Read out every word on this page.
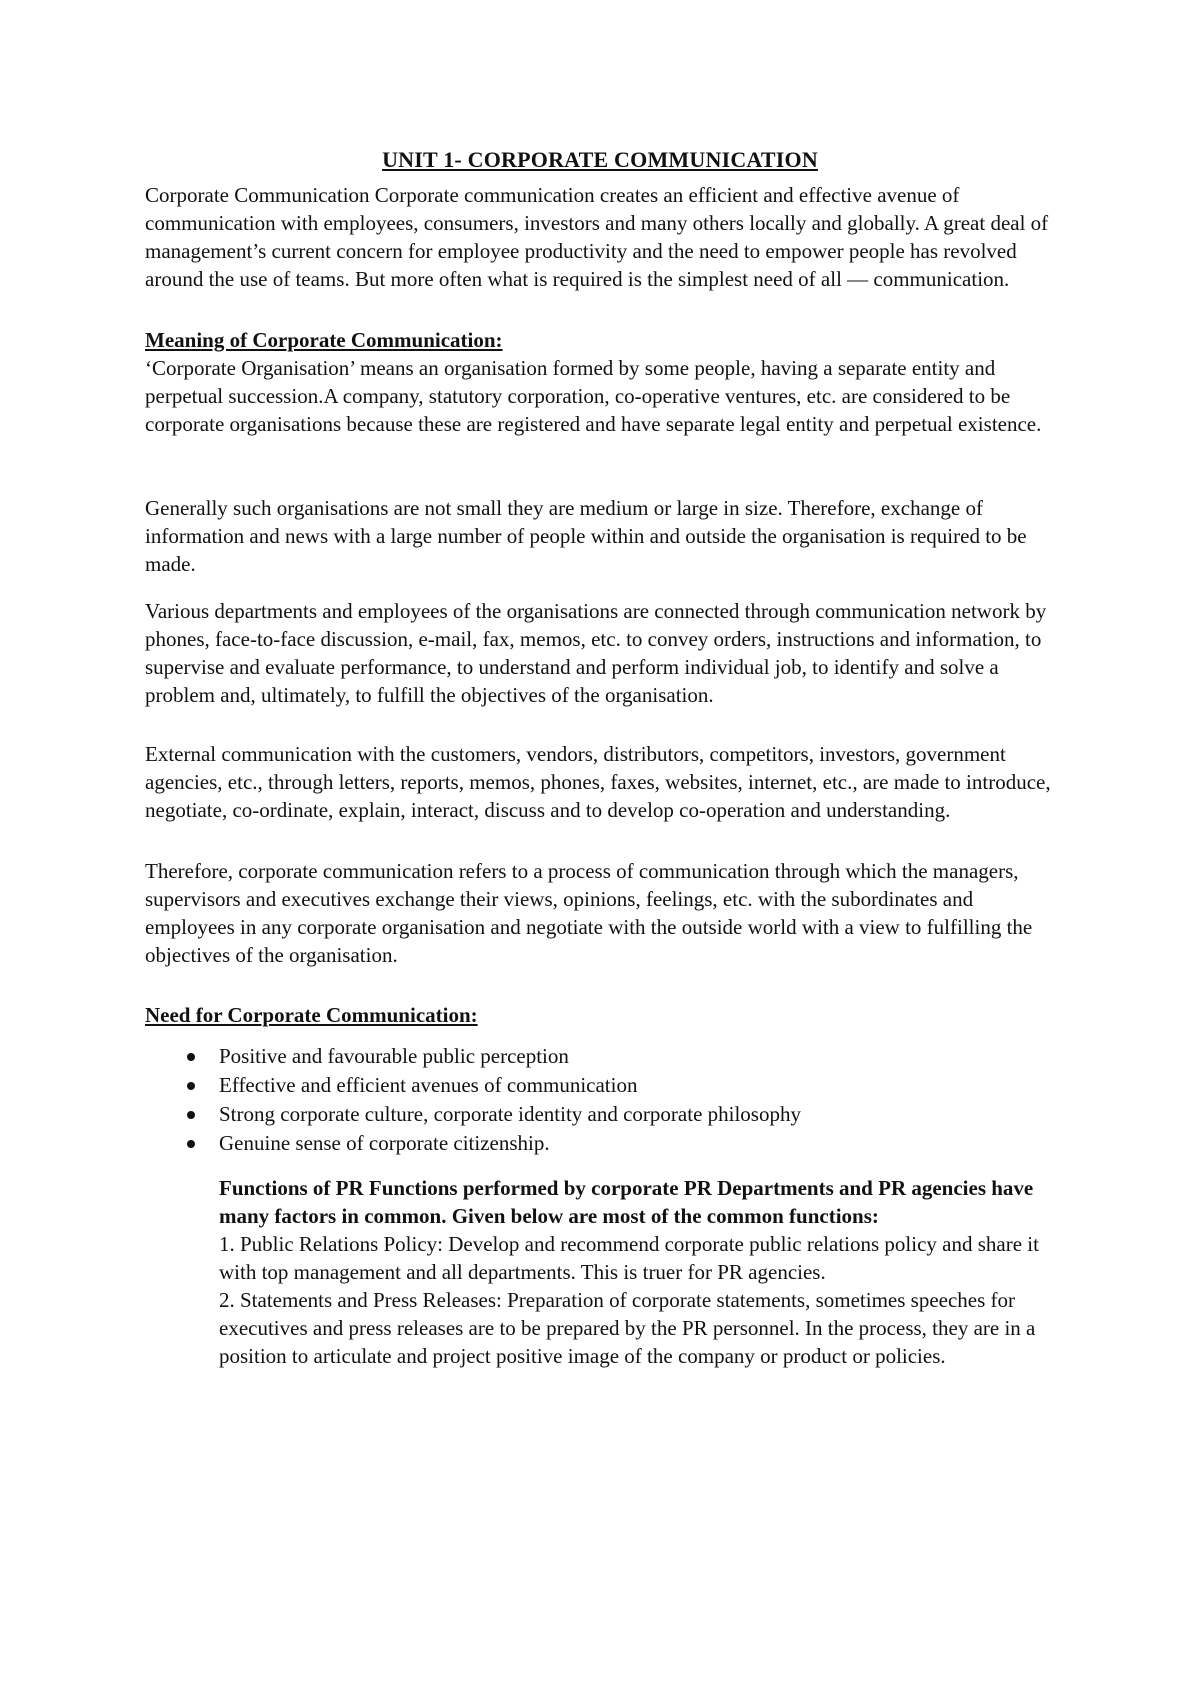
UNIT 1- CORPORATE COMMUNICATION

Corporate Communication Corporate communication creates an efficient and effective avenue of communication with employees, consumers, investors and many others locally and globally. A great deal of management’s current concern for employee productivity and the need to empower people has revolved around the use of teams. But more often what is required is the simplest need of all — communication.

Meaning of Corporate Communication:

‘Corporate Organisation’ means an organisation formed by some people, having a separate entity and perpetual succession.A company, statutory corporation, co-operative ventures, etc. are considered to be corporate organisations because these are registered and have separate legal entity and perpetual existence.

Generally such organisations are not small they are medium or large in size. Therefore, exchange of information and news with a large number of people within and outside the organisation is required to be made.

Various departments and employees of the organisations are connected through communication network by phones, face-to-face discussion, e-mail, fax, memos, etc. to convey orders, instructions and information, to supervise and evaluate performance, to understand and perform individual job, to identify and solve a problem and, ultimately, to fulfill the objectives of the organisation.

External communication with the customers, vendors, distributors, competitors, investors, government agencies, etc., through letters, reports, memos, phones, faxes, websites, internet, etc., are made to introduce, negotiate, co-ordinate, explain, interact, discuss and to develop co-operation and understanding.

Therefore, corporate communication refers to a process of communication through which the managers, supervisors and executives exchange their views, opinions, feelings, etc. with the subordinates and employees in any corporate organisation and negotiate with the outside world with a view to fulfilling the objectives of the organisation.

Need for Corporate Communication:

Positive and favourable public perception
Effective and efficient avenues of communication
Strong corporate culture, corporate identity and corporate philosophy
Genuine sense of corporate citizenship.

Functions of PR Functions performed by corporate PR Departments and PR agencies have many factors in common. Given below are most of the common functions:

1. Public Relations Policy: Develop and recommend corporate public relations policy and share it with top management and all departments. This is truer for PR agencies.

2. Statements and Press Releases: Preparation of corporate statements, sometimes speeches for executives and press releases are to be prepared by the PR personnel. In the process, they are in a position to articulate and project positive image of the company or product or policies.
